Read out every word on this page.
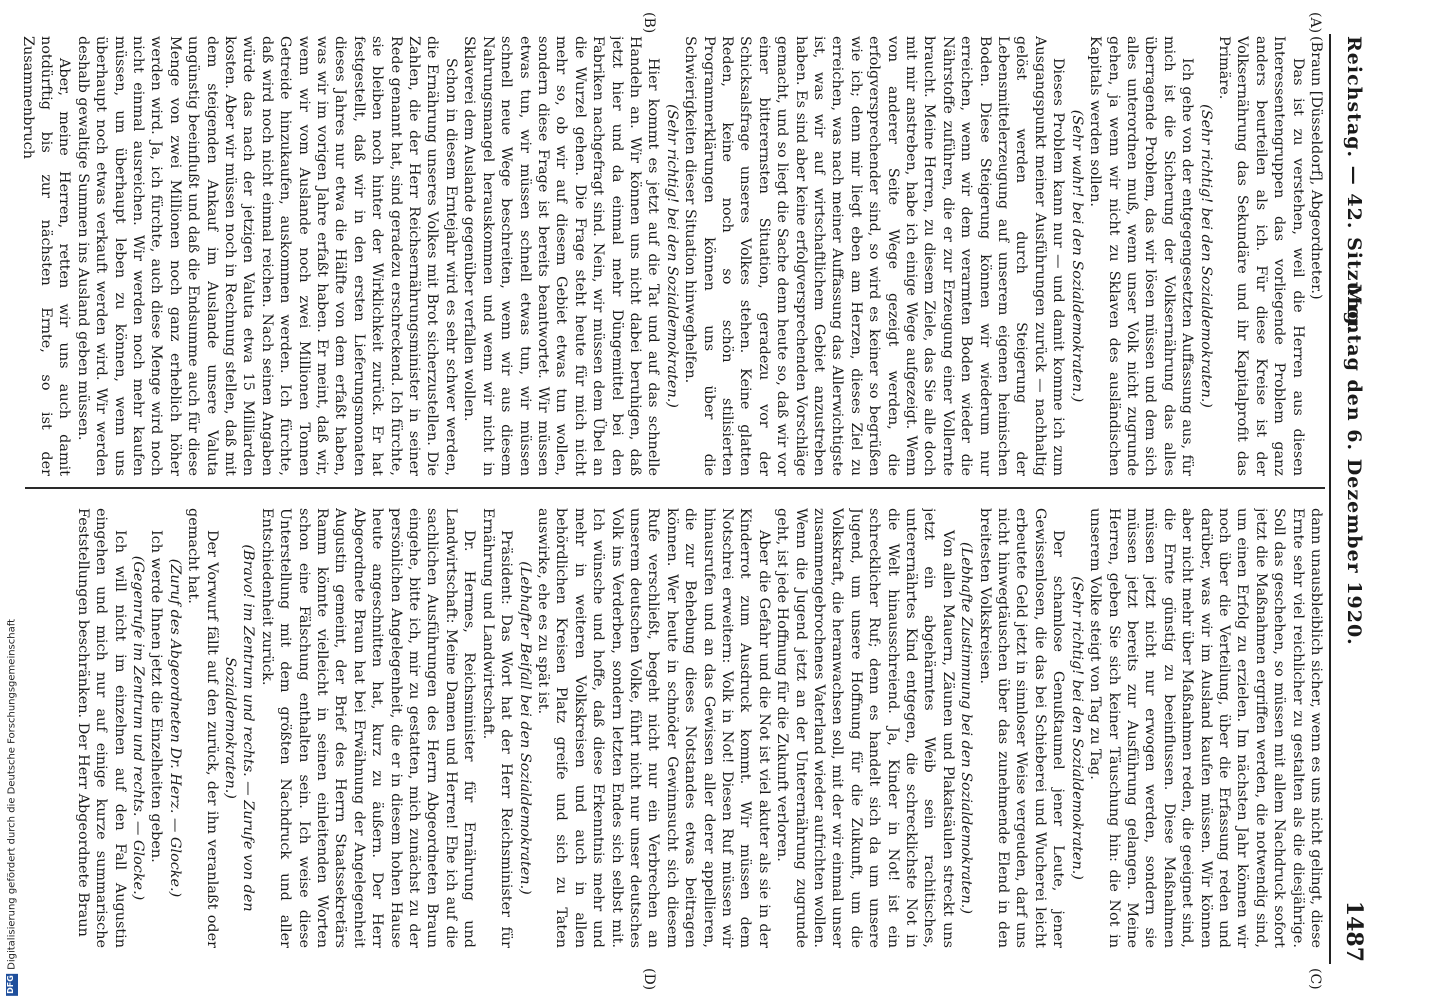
Reichstag. — 42. Sitzung.
Montag den 6. Dezember 1920.
1487
(A)
(B)
(C)
(D)

(Braun [Düsseldorf], Abgeordneter.)

Das ist zu verstehen, weil die Herren aus diesen Interessentengruppen das vorliegende Problem ganz anders beurteilen als ich. Für diese Kreise ist der Volksernährung das Sekundäre und ihr Kapitalprofit das Primäre.

(Sehr richtig! bei den Sozialdemokraten.)

Ich gehe von der entgegengesetzten Auffassung aus, für mich ist die Sicherung der Volksernährung das alles überragende Problem, das wir lösen müssen und dem sich alles unterordnen muß, wenn unser Volk nicht zugrunde gehen, ja wenn wir nicht zu Sklaven des ausländischen Kapitals werden sollen.

(Sehr wahr! bei den Sozialdemokraten.)

Dieses Problem kann nur — und damit komme ich zum Ausgangspunkt meiner Ausführungen zurück — nachhaltig gelöst werden durch Steigerung der Lebensmittelerzeugung auf unserem eigenen heimischen Boden. Diese Steigerung können wir wiederum nur erreichen, wenn wir dem verarmten Boden wieder die Nährstoffe zuführen, die er zur Erzeugung einer Vollernte braucht. Meine Herren, zu diesem Ziele, das Sie alle doch mit mir anstreben, habe ich einige Wege aufgezeigt. Wenn von anderer Seite Wege gezeigt werden, die erfolgversprechender sind, so wird es keiner so begrüßen wie ich; denn mir liegt eben am Herzen, dieses Ziel zu erreichen, was nach meiner Auffassung das Allerwichtigste ist, was wir auf wirtschaftlichem Gebiet anzustreben haben. Es sind aber keine erfolgversprechenden Vorschläge gemacht, und so liegt die Sache denn heute so, daß wir vor einer bitterernsten Situation, geradezu vor der Schicksalsfrage unseres Volkes stehen. Keine glatten Reden, keine noch so schön stilisierten Programmerklärungen können uns über die Schwierigkeiten dieser Situation hinweghelfen.

(Sehr richtig! bei den Sozialdemokraten.)

Hier kommt es jetzt auf die Tat und auf das schnelle Handeln an. Wir können uns nicht dabei beruhigen, daß jetzt hier und da einmal mehr Düngemittel bei den Fabriken nachgefragt sind. Nein, wir müssen dem Übel an die Wurzel gehen. Die Frage steht heute für mich nicht mehr so, ob wir auf diesem Gebiet etwas tun wollen, sondern diese Frage ist bereits beantwortet. Wir müssen etwas tun, wir müssen schnell etwas tun, wir müssen schnell neue Wege beschreiten, wenn wir aus diesem Nahrungsmangel herauskommen und wenn wir nicht in Sklaverei dem Auslande gegenüber verfallen wollen.

Schon in diesem Erntejahr wird es sehr schwer werden, die Ernährung unseres Volkes mit Brot sicherzustellen. Die Zahlen, die der Herr Reichsernährungsminister in seiner Rede genannt hat, sind geradezu erschreckend. Ich fürchte, sie bleiben noch hinter der Wirklichkeit zurück. Er hat festgestellt, daß wir in den ersten Lieferungsmonaten dieses Jahres nur etwa die Hälfte von dem erfaßt haben, was wir im vorigen Jahre erfaßt haben. Er meint, daß wir, wenn wir vom Auslande noch zwei Millionen Tonnen Getreide hinzukaufen, auskommen werden. Ich fürchte, daß wird noch nicht einmal reichen. Nach seinen Angaben würde das nach der jetzigen Valuta etwa 15 Milliarden kosten. Aber wir müssen noch in Rechnung stellen, daß mit dem steigenden Ankauf im Auslande unsere Valuta ungünstig beeinflußt und daß die Endsumme auch für diese Menge von zwei Millionen noch ganz erheblich höher werden wird. Ja, ich fürchte, auch diese Menge wird noch nicht einmal ausreichen. Wir werden noch mehr kaufen müssen, um überhaupt leben zu können, wenn uns überhaupt noch etwas verkauft werden wird. Wir werden deshalb gewaltige Summen ins Ausland geben müssen.

Aber, meine Herren, retten wir uns auch damit notdürftig bis zur nächsten Ernte, so ist der Zusammenbruch

dann unausbleiblich sicher, wenn es uns nicht gelingt, diese Ernte sehr viel reichlicher zu gestalten als die diesjährige. Soll das geschehen, so müssen mit allem Nachdruck sofort jetzt die Maßnahmen ergriffen werden, die notwendig sind, um einen Erfolg zu erzielen. Im nächsten Jahr können wir noch über die Verteilung, über die Erfassung reden und darüber, was wir im Ausland kaufen müssen. Wir können aber nicht mehr über Maßnahmen reden, die geeignet sind, die Ernte günstig zu beeinflussen. Diese Maßnahmen müssen jetzt nicht nur erwogen werden, sondern sie müssen jetzt bereits zur Ausführung gelangen. Meine Herren, geben Sie sich keiner Täuschung hin: die Not in unserem Volke steigt von Tag zu Tag.

(Sehr richtig! bei den Sozialdemokraten.)

Der schamlose Genußtaumel jener Leute, jener Gewissenlosen, die das bei Schieberei und Wucherei leicht erbeutete Geld jetzt in sinnloser Weise vergeuden, darf uns nicht hinwegtäuschen über das zunehmende Elend in den breitesten Volkskreisen.

(Lebhafte Zustimmung bei den Sozialdemokraten.)

Von allen Mauern, Zäunen und Plakatsäulen streckt uns jetzt ein abgehärmtes Weib sein rachitisches, unterernährtes Kind entgegen, die schrecklichste Not in die Welt hinausschreiend. Ja, Kinder in Not! ist ein schrecklicher Ruf; denn es handelt sich da um unsere Jugend, um unsere Hoffnung für die Zukunft, um die Volkskraft, die heranwachsen soll, mit der wir einmal unser zusammengebrochenes Vaterland wieder aufrichten wollen. Wenn die Jugend jetzt an der Unterernährung zugrunde geht, ist jede Hoffnung für die Zukunft verloren.

Aber die Gefahr und die Not ist viel akuter als sie in der Kinderrot zum Ausdruck kommt. Wir müssen dem Notschrei erweitern: Volk in Not! Diesen Ruf müssen wir hinausrufen und an das Gewissen aller derer appellieren, die zur Behebung dieses Notstandes etwas beitragen können. Wer heute in schnöder Gewinnsucht sich diesem Rufe verschließt, begeht nicht nur ein Verbrechen an unserem deutschen Volke, führt nicht nur unser deutsches Volk ins Verderben, sondern letzten Endes sich selbst mit. Ich wünsche und hoffe, daß diese Erkenntnis mehr und mehr in weiteren Volkskreisen und auch in allen behördlichen Kreisen Platz greife und sich zu Taten auswirke, ehe es zu spät ist.

(Lebhafter Beifall bei den Sozialdemokraten.)

Präsident: Das Wort hat der Herr Reichsminister für Ernährung und Landwirtschaft.

Dr. Hermes, Reichsminister für Ernährung und Landwirtschaft: Meine Damen und Herren! Ehe ich auf die sachlichen Ausführungen des Herrn Abgeordneten Braun eingehe, bitte ich, mir zu gestatten, mich zunächst zu der persönlichen Angelegenheit, die er in diesem hohen Hause heute angeschnitten hat, kurz zu äußern. Der Herr Abgeordnete Braun hat bei Erwähnung der Angelegenheit Augustin gemeint, der Brief des Herrn Staatssekretärs Ramm könnte vielleicht in seinen einleitenden Worten schon eine Fälschung enthalten sein. Ich weise diese Unterstellung mit dem größten Nachdruck und aller Entschiedenheit zurück.

(Bravo! im Zentrum und rechts. — Zurufe von den Sozialdemokraten.)

Der Vorwurf fällt auf den zurück, der ihn veranlaßt oder gemacht hat.

(Zuruf des Abgeordneten Dr. Herz. — Glocke.)

Ich werde Ihnen jetzt die Einzelheiten geben.

(Gegenrufe im Zentrum und rechts. — Glocke.)

Ich will nicht im einzelnen auf den Fall Augustin eingehen und mich nur auf einige kurze summarische Feststellungen beschränken. Der Herr Abgeordnete Braun

DFG
Digitalisierung gefördert durch die Deutsche Forschungsgemeinschaft
